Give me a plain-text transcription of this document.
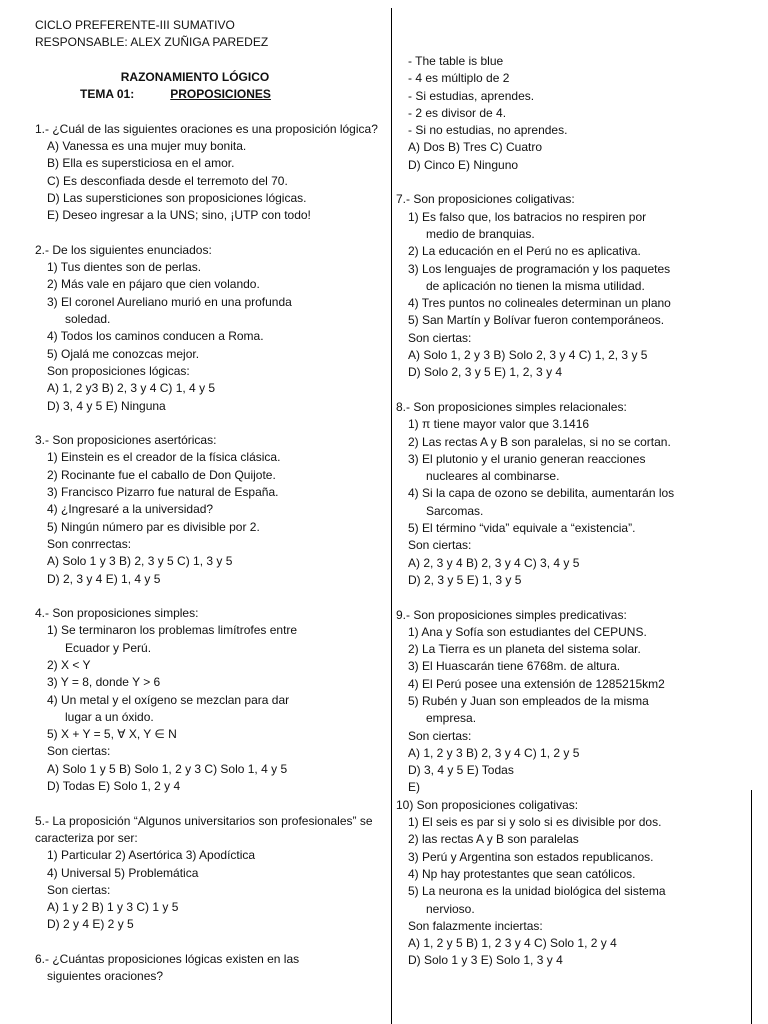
CICLO PREFERENTE-III SUMATIVO
RESPONSABLE: ALEX ZUÑIGA PAREDEZ
RAZONAMIENTO LÓGICO
TEMA 01:	PROPOSICIONES
1.- ¿Cuál de las siguientes oraciones es una proposición lógica?
A) Vanessa es una mujer muy bonita.
B) Ella es supersticiosa en el amor.
C) Es desconfiada desde el terremoto del 70.
D) Las supersticiones son proposiciones lógicas.
E) Deseo ingresar a la UNS; sino, ¡UTP con todo!
2.- De los siguientes enunciados:
1) Tus dientes son de perlas.
2) Más vale en pájaro que cien volando.
3) El coronel Aureliano murió en una profunda
soledad.
4) Todos los caminos conducen a Roma.
5) Ojalá me conozcas mejor.
Son proposiciones lógicas:
A) 1, 2 y3 B) 2, 3 y 4 C) 1, 4 y 5
D) 3, 4 y 5 E) Ninguna
3.- Son proposiciones asertóricas:
1) Einstein es el creador de la física clásica.
2) Rocinante fue el caballo de Don Quijote.
3) Francisco Pizarro fue natural de España.
4) ¿Ingresaré a la universidad?
5) Ningún número par es divisible por 2.
Son conrrectas:
A) Solo 1 y 3 B) 2, 3 y 5 C) 1, 3 y 5
D) 2, 3 y 4 E) 1, 4 y 5
4.- Son proposiciones simples:
1) Se terminaron los problemas limítrofes entre
Ecuador y Perú.
2) X < Y
3) Y = 8, donde Y > 6
4) Un metal y el oxígeno se mezclan para dar
lugar a un óxido.
5) X + Y = 5, ∀ X, Y ∈ N
Son ciertas:
A) Solo 1 y 5 B) Solo 1, 2 y 3 C) Solo 1, 4 y 5
D) Todas E) Solo 1, 2 y 4
5.- La proposición “Algunos universitarios son profesionales” se
caracteriza por ser:
1) Particular 2) Asertórica 3) Apodíctica
4) Universal 5) Problemática
Son ciertas:
A) 1 y 2 B) 1 y 3 C) 1 y 5
D) 2 y 4 E) 2 y 5
6.- ¿Cuántas proposiciones lógicas existen en las
siguientes oraciones?
- The table is blue
- 4 es múltiplo de 2
- Si estudias, aprendes.
- 2 es divisor de 4.
- Si no estudias, no aprendes.
A) Dos B) Tres C) Cuatro
D) Cinco E) Ninguno
7.- Son proposiciones coligativas:
1) Es falso que, los batracios no respiren por
medio de branquias.
2) La educación en el Perú no es aplicativa.
3) Los lenguajes de programación y los paquetes
de aplicación no tienen la misma utilidad.
4) Tres puntos no colineales determinan un plano
5) San Martín y Bolívar fueron contemporáneos.
Son ciertas:
A) Solo 1, 2 y 3 B) Solo 2, 3 y 4 C) 1, 2, 3 y 5
D) Solo 2, 3 y 5 E) 1, 2, 3 y 4
8.- Son proposiciones simples relacionales:
1) π tiene mayor valor que 3.1416
2) Las rectas A y B son paralelas, si no se cortan.
3) El plutonio y el uranio generan reacciones
nucleares al combinarse.
4) Si la capa de ozono se debilita, aumentarán los
Sarcomas.
5) El término “vida” equivale a “existencia”.
Son ciertas:
A) 2, 3 y 4 B) 2, 3 y 4 C) 3, 4 y 5
D) 2, 3 y 5 E) 1, 3 y 5
9.- Son proposiciones simples predicativas:
1) Ana y Sofía son estudiantes del CEPUNS.
2) La Tierra es un planeta del sistema solar.
3) El Huascarán tiene 6768m. de altura.
4) El Perú posee una extensión de 1285215km2
5) Rubén y Juan son empleados de la misma
empresa.
Son ciertas:
A) 1, 2 y 3 B) 2, 3 y 4 C) 1, 2 y 5
D) 3, 4 y 5 E) Todas
E)
10) Son proposiciones coligativas:
1) El seis es par si y solo si es divisible por dos.
2) las rectas A y B son paralelas
3) Perú y Argentina son estados republicanos.
4) Np hay protestantes que sean católicos.
5) La neurona es la unidad biológica del sistema
nervioso.
Son falazmente inciertas:
A) 1, 2 y 5 B) 1, 2 3 y 4 C) Solo 1, 2 y 4
D) Solo 1 y 3 E) Solo 1, 3 y 4
